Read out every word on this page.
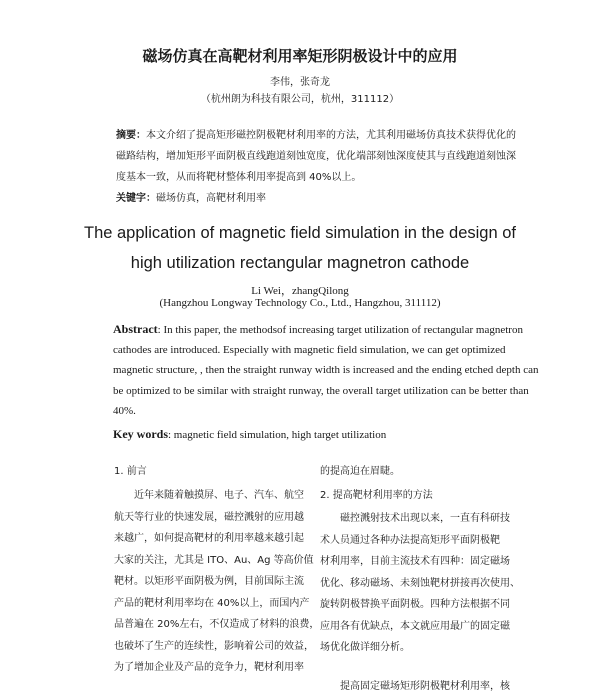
磁场仿真在高靶材利用率矩形阴极设计中的应用
李伟，张奇龙
（杭州朗为科技有限公司，杭州，311112）
摘要：本文介绍了提高矩形磁控阴极靶材利用率的方法，尤其利用磁场仿真技术获得优化的
磁路结构，增加矩形平面阴极直线跑道刻蚀宽度，优化端部刻蚀深度使其与直线跑道刻蚀深
度基本一致，从而将靶材整体利用率提高到 40%以上。
关键字：磁场仿真，高靶材利用率
The application of magnetic field simulation in the design of
high utilization rectangular magnetron cathode
Li Wei，zhangQilong
(Hangzhou Longway Technology Co., Ltd., Hangzhou, 311112)
Abstract: In this paper, the methodsof increasing target utilization of rectangular magnetron
cathodes are introduced. Especially with magnetic field simulation, we can get optimized
magnetic structure, , then the straight runway width is increased and the ending etched depth can
be optimized to be similar with straight runway, the overall target utilization can be better than
40%.
Key words: magnetic field simulation, high target utilization
1. 前言
近年来随着触摸屏、电子、汽车、航空
航天等行业的快速发展，磁控溅射的应用越
来越广，如何提高靶材的利用率越来越引起
大家的关注，尤其是 ITO、Au、Ag 等高价值
靶材。以矩形平面阴极为例，目前国际主流
产品的靶材利用率均在 40%以上，而国内产
品普遍在 20%左右，不仅造成了材料的浪费，
也破坏了生产的连续性，影响着公司的效益，
为了增加企业及产品的竞争力，靶材利用率
的提高迫在眉睫。
2. 提高靶材利用率的方法
磁控溅射技术出现以来，一直有科研技
术人员通过各种办法提高矩形平面阴极靶
材利用率，目前主流技术有四种：固定磁场
优化、移动磁场、未刻蚀靶材拼接再次使用、
旋转阴极替换平面阴极。四种方法根据不同
应用各有优缺点，本文就应用最广的固定磁
场优化做详细分析。
提高固定磁场矩形阴极靶材利用率，核
